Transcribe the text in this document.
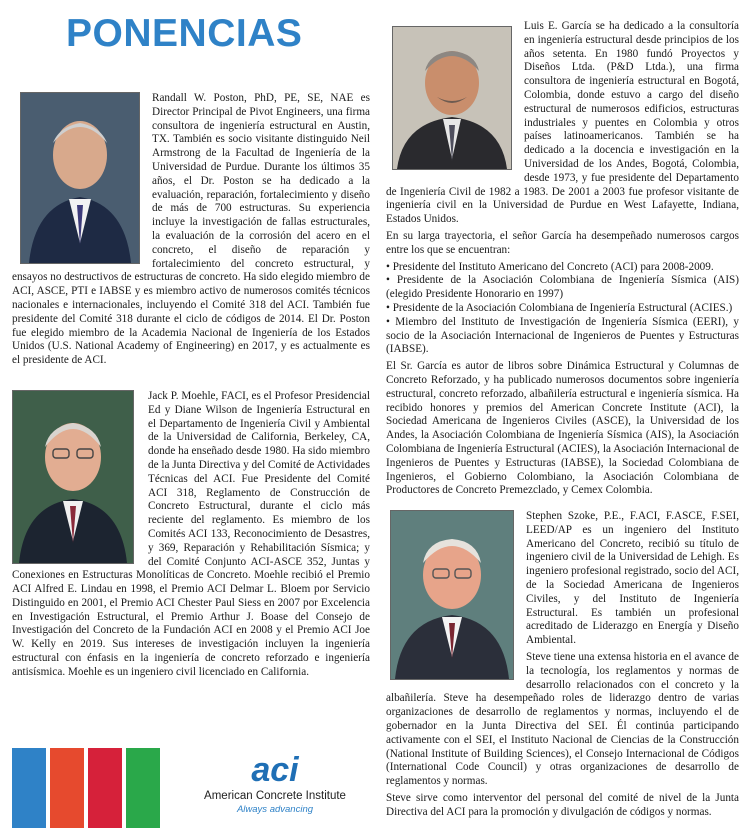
PONENCIAS
Randall W. Poston, PhD, PE, SE, NAE es Director Principal de Pivot Engineers, una firma consultora de ingeniería estructural en Austin, TX. También es socio visitante distinguido Neil Armstrong de la Facultad de Ingeniería de la Universidad de Purdue. Durante los últimos 35 años, el Dr. Poston se ha dedicado a la evaluación, reparación, fortalecimiento y diseño de más de 700 estructuras. Su experiencia incluye la investigación de fallas estructurales, la evaluación de la corrosión del acero en el concreto, el diseño de reparación y fortalecimiento del concreto estructural, y ensayos no destructivos de estructuras de concreto. Ha sido elegido miembro de ACI, ASCE, PTI e IABSE y es miembro activo de numerosos comités técnicos nacionales e internacionales, incluyendo el Comité 318 del ACI. También fue presidente del Comité 318 durante el ciclo de códigos de 2014. El Dr. Poston fue elegido miembro de la Academia Nacional de Ingeniería de los Estados Unidos (U.S. National Academy of Engineering) en 2017, y es actualmente es el presidente de ACI.
Jack P. Moehle, FACI, es el Profesor Presidencial Ed y Diane Wilson de Ingeniería Estructural en el Departamento de Ingeniería Civil y Ambiental de la Universidad de California, Berkeley, CA, donde ha enseñado desde 1980. Ha sido miembro de la Junta Directiva y del Comité de Actividades Técnicas del ACI. Fue Presidente del Comité ACI 318, Reglamento de Construcción de Concreto Estructural, durante el ciclo más reciente del reglamento. Es miembro de los Comités ACI 133, Reconocimiento de Desastres, y 369, Reparación y Rehabilitación Sísmica; y del Comité Conjunto ACI-ASCE 352, Juntas y Conexiones en Estructuras Monolíticas de Concreto. Moehle recibió el Premio ACI Alfred E. Lindau en 1998, el Premio ACI Delmar L. Bloem por Servicio Distinguido en 2001, el Premio ACI Chester Paul Siess en 2007 por Excelencia en Investigación Estructural, el Premio Arthur J. Boase del Consejo de Investigación del Concreto de la Fundación ACI en 2008 y el Premio ACI Joe W. Kelly en 2019. Sus intereses de investigación incluyen la ingeniería estructural con énfasis en la ingeniería de concreto reforzado e ingeniería antisísmica. Moehle es un ingeniero civil licenciado en California.

Luis E. García se ha dedicado a la consultoría en ingeniería estructural desde principios de los años setenta. En 1980 fundó Proyectos y Diseños Ltda. (P&D Ltda.), una firma consultora de ingeniería estructural en Bogotá, Colombia, donde estuvo a cargo del diseño estructural de numerosos edificios, estructuras industriales y puentes en Colombia y otros países latinoamericanos. También se ha dedicado a la docencia e investigación en la Universidad de los Andes, Bogotá, Colombia, desde 1973, y fue presidente del Departamento de Ingeniería Civil de 1982 a 1983. De 2001 a 2003 fue profesor visitante de ingeniería civil en la Universidad de Purdue en West Lafayette, Indiana, Estados Unidos.

En su larga trayectoria, el señor García ha desempeñado numerosos cargos entre los que se encuentran:

• Presidente del Instituto Americano del Concreto (ACI) para 2008-2009.
• Presidente de la Asociación Colombiana de Ingeniería Sísmica (AIS) (elegido Presidente Honorario en 1997)
• Presidente de la Asociación Colombiana de Ingeniería Estructural (ACIES.)
• Miembro del Instituto de Investigación de Ingeniería Sísmica (EERI), y socio de la Asociación Internacional de Ingenieros de Puentes y Estructuras (IABSE).

El Sr. García es autor de libros sobre Dinámica Estructural y Columnas de Concreto Reforzado, y ha publicado numerosos documentos sobre ingeniería estructural, concreto reforzado, albañilería estructural e ingeniería sísmica. Ha recibido honores y premios del American Concrete Institute (ACI), la Sociedad Americana de Ingenieros Civiles (ASCE), la Universidad de los Andes, la Asociación Colombiana de Ingeniería Sísmica (AIS), la Asociación Colombiana de Ingeniería Estructural (ACIES), la Asociación Internacional de Ingenieros de Puentes y Estructuras (IABSE), la Sociedad Colombiana de Ingenieros, el Gobierno Colombiano, la Asociación Colombiana de Productores de Concreto Premezclado, y Cemex Colombia.

Stephen Szoke, P.E., F.ACI, F.ASCE, F.SEI, LEED/AP es un ingeniero del Instituto Americano del Concreto, recibió su título de ingeniero civil de la Universidad de Lehigh. Es ingeniero profesional registrado, socio del ACI, de la Sociedad Americana de Ingenieros Civiles, y del Instituto de Ingeniería Estructural. Es también un profesional acreditado de Liderazgo en Energía y Diseño Ambiental.

Steve tiene una extensa historia en el avance de la tecnología, los reglamentos y normas de desarrollo relacionados con el concreto y la albañilería. Steve ha desempeñado roles de liderazgo dentro de varias organizaciones de desarrollo de reglamentos y normas, incluyendo el de gobernador en la Junta Directiva del SEI. Él continúa participando activamente con el SEI, el Instituto Nacional de Ciencias de la Construcción (National Institute of Building Sciences), el Consejo Internacional de Códigos (International Code Council) y otras organizaciones de desarrollo de reglamentos y normas.

Steve sirve como interventor del personal del comité de nivel de la Junta Directiva del ACI para la promoción y divulgación de códigos y normas.

aci
American Concrete Institute
Always advancing
